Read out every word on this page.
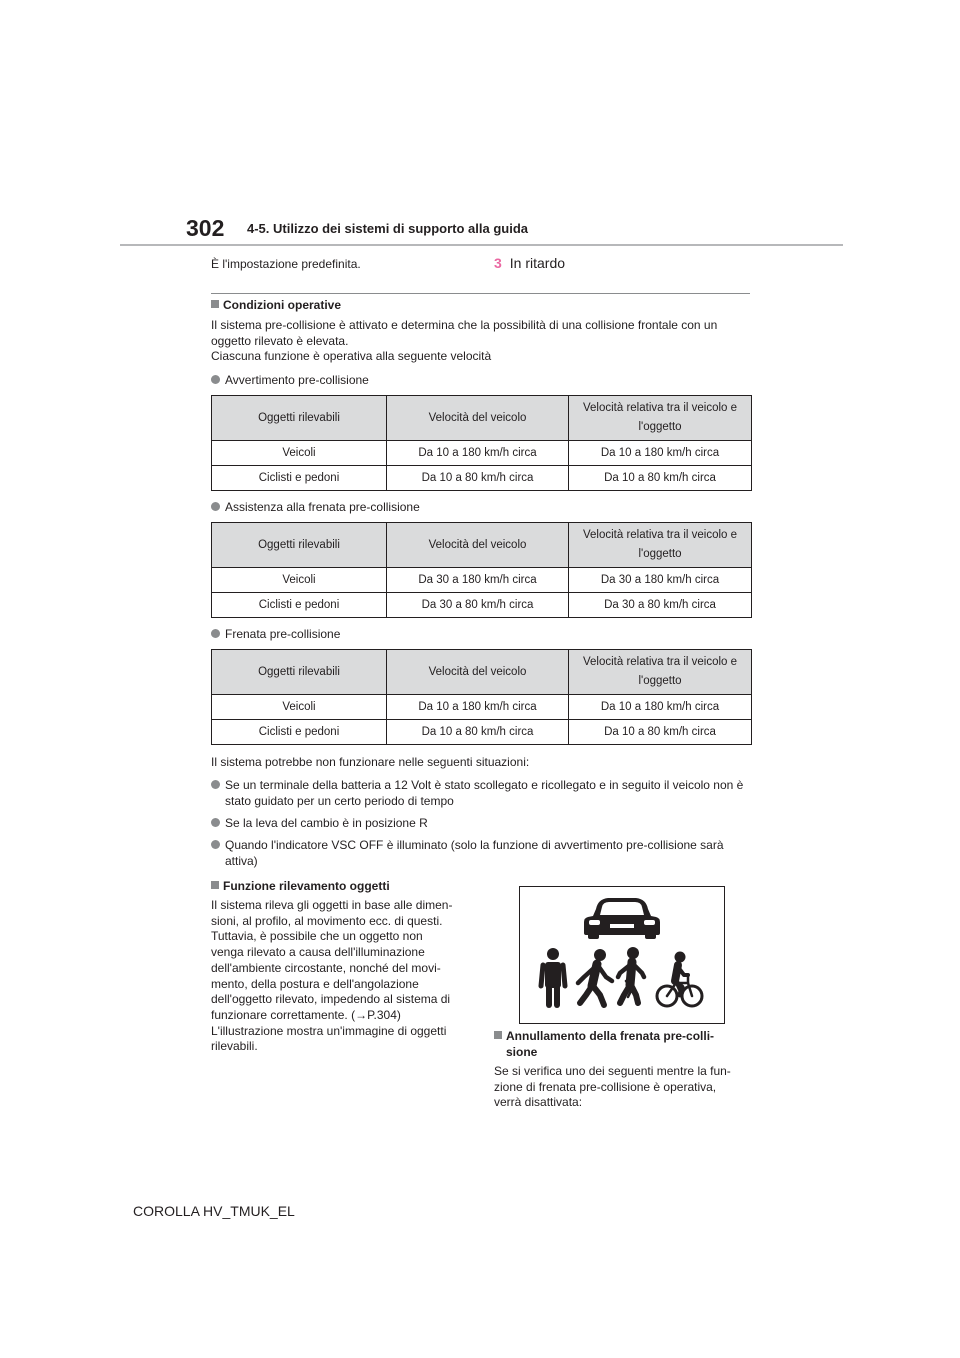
302 4-5. Utilizzo dei sistemi di supporto alla guida
È l'impostazione predefinita.	3 In ritardo
Condizioni operative
Il sistema pre-collisione è attivato e determina che la possibilità di una collisione frontale con un oggetto rilevato è elevata.
Ciascuna funzione è operativa alla seguente velocità
Avvertimento pre-collisione
Oggetti rilevabili	Velocità del veicolo	Velocità relativa tra il veicolo e l'oggetto
Veicoli	Da 10 a 180 km/h circa	Da 10 a 180 km/h circa
Ciclisti e pedoni	Da 10 a 80 km/h circa	Da 10 a 80 km/h circa
Assistenza alla frenata pre-collisione
Oggetti rilevabili	Velocità del veicolo	Velocità relativa tra il veicolo e l'oggetto
Veicoli	Da 30 a 180 km/h circa	Da 30 a 180 km/h circa
Ciclisti e pedoni	Da 30 a 80 km/h circa	Da 30 a 80 km/h circa
Frenata pre-collisione
Oggetti rilevabili	Velocità del veicolo	Velocità relativa tra il veicolo e l'oggetto
Veicoli	Da 10 a 180 km/h circa	Da 10 a 180 km/h circa
Ciclisti e pedoni	Da 10 a 80 km/h circa	Da 10 a 80 km/h circa
Il sistema potrebbe non funzionare nelle seguenti situazioni:
Se un terminale della batteria a 12 Volt è stato scollegato e ricollegato e in seguito il veicolo non è stato guidato per un certo periodo di tempo
Se la leva del cambio è in posizione R
Quando l'indicatore VSC OFF è illuminato (solo la funzione di avvertimento pre-collisione sarà attiva)
Funzione rilevamento oggetti
Il sistema rileva gli oggetti in base alle dimen-
sioni, al profilo, al movimento ecc. di questi.
Tuttavia, è possibile che un oggetto non
venga rilevato a causa dell'illuminazione
dell'ambiente circostante, nonché del movi-
mento, della postura e dell'angolazione
dell'oggetto rilevato, impedendo al sistema di
funzionare correttamente. (→P.304)
L'illustrazione mostra un'immagine di oggetti
rilevabili.
Annullamento della frenata pre-colli-
sione
Se si verifica uno dei seguenti mentre la fun-
zione di frenata pre-collisione è operativa,
verrà disattivata:
COROLLA HV_TMUK_EL
